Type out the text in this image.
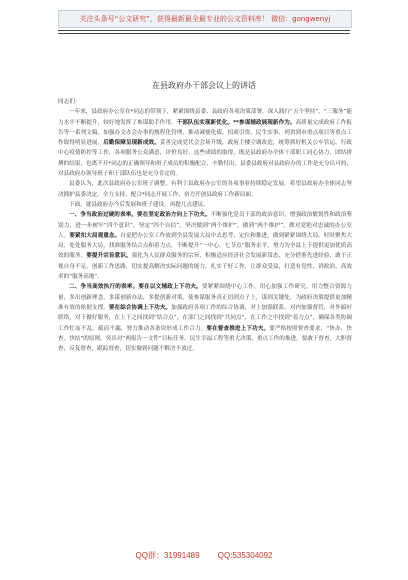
关注头条号“公文研究”，获得最新最全最专业的公文资料库！ 微信：gongwenyj
在县政府办干部会议上的讲话

同志们：

一年来，县政府办公室在*同志的带领下，紧紧围绕县委、县政府各项决策部署，深入践行“五个坚持”、“三服务”能力水平不断提升，较好地发挥了参谋助手作用。干部队伍实现新优化。**参谋辅政展现新作为。高质量完成政府工作报告等一系列文稿，加强办文办会办事的规程化管理，推动减便化债、招商引资、民生实事、列省到市重点项目等重点工作取得明显进展，后勤保障呈现新成效。妥善完成党代会会场升级，政府主楼空调改造，统筹抓好机关公车管运、行政中心疫情防控等工作，各项服务公众满意，评价良好。这些成绩的取得，既是县政府办全体干部职工同心协力、团结拼搏的结果，也离不开*同志的正确领导和班子成员的积极配合、辛勤付出。县委县政府对县政府办的工作是充分认可的，对县政府办领导班子和干部队伍也是充分肯定的。

县委认为，此次县政府办公室班子调整，有利于县政府办公室的各项事业持续稳定发展。希望县政府办全体同志坚决拥护县委决定，全力支持、配合*同志开展工作，奋力开创县政府工作新局面。

下面，就县政府办今后发展和班子建设，再提几点建议。

一、争当政治过硬的表率。要在坚定政治方向上下功夫。不断强化党员干部的政治意识，增强政治敏锐性和政治鉴别力，进一步树牢“四个意识”，坚定“四个自信”，坚决做到“两个维护”，做到“两个维护”，做对党绝对忠诚的办公室人。要紧扣大局观重念。自觉把办公室工作放到全县发展大局中去思考，定位和推进，做到紧紧围绕大局、时时聚焦大局、处处服务大局，找准服务结合点和着力点，不断提升“一中心、七节点”服务水平，努力为全县上下提供更加优质高效的服务。要提升宗旨意识。强化为人民群众服务的宗旨，积极适应经济社会发展新常态，充分借鉴先进经验，敢于正视自身不足，创新工作思路，切实提高解决实际问题的能力，扎实干好工作，让群众受益，打造有党性、讲政治、高效率的“服务高地”。

二、争当高效执行的表率。要在以文辅政上下功夫。要紧紧围绕中心工作，用心加强工作研究，用力整合资源力量，多出创新理念，多谋创新办法，多提创新对策，使参谋服务真正切到点子上，谋到关键处，为政府决策提供更加精准有效的依据支撑。要在综合协调上下功夫。加强政府各项工作的综合协调，对上加强联系，对内加强督管，对外搞好联络，对下做好服务，在上下之间找到“结合点”，在部门之间找到“共同点”，在工作之中找到“着力点”，确保各类协调工作忙而不乱、疏而不漏，努力推动各条块形成工作合力。要在督查推进上下功夫。要严格按照督查要求，“快办、快查、快结”的原则，突出对“两报告一文件”目标任务、民生幸福工程等重大决策、重点工作的推进，要敢于督查，大胆督查，反复督查，跟踪督查，切实做到问题不解决不放过，

QQ群：31991489 QQ:535304092
